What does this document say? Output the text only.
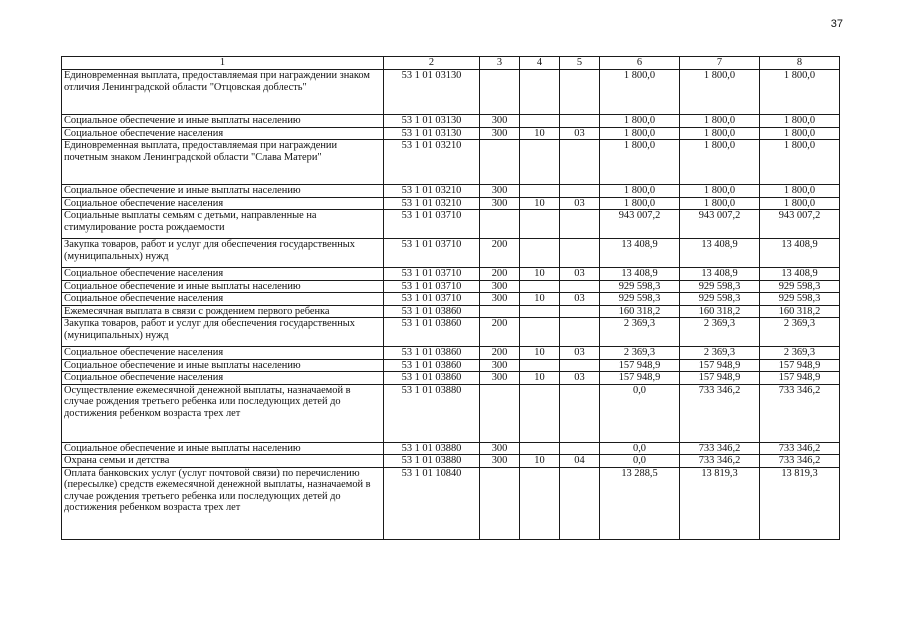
37
1	2	3	4	5	6	7	8
Единовременная выплата, предоставляемая при награждении знаком отличия Ленинградской области "Отцовская доблесть"	53 1 01 03130				1 800,0	1 800,0	1 800,0
Социальное обеспечение и иные выплаты населению	53 1 01 03130	300			1 800,0	1 800,0	1 800,0
Социальное обеспечение населения	53 1 01 03130	300	10	03	1 800,0	1 800,0	1 800,0
Единовременная выплата, предоставляемая при награждении почетным знаком Ленинградской области "Слава Матери"	53 1 01 03210				1 800,0	1 800,0	1 800,0
Социальное обеспечение и иные выплаты населению	53 1 01 03210	300			1 800,0	1 800,0	1 800,0
Социальное обеспечение населения	53 1 01 03210	300	10	03	1 800,0	1 800,0	1 800,0
Социальные выплаты семьям с детьми, направленные на стимулирование роста рождаемости	53 1 01 03710				943 007,2	943 007,2	943 007,2
Закупка товаров, работ и услуг для обеспечения государственных (муниципальных) нужд	53 1 01 03710	200			13 408,9	13 408,9	13 408,9
Социальное обеспечение населения	53 1 01 03710	200	10	03	13 408,9	13 408,9	13 408,9
Социальное обеспечение и иные выплаты населению	53 1 01 03710	300			929 598,3	929 598,3	929 598,3
Социальное обеспечение населения	53 1 01 03710	300	10	03	929 598,3	929 598,3	929 598,3
Ежемесячная выплата в связи с рождением первого ребенка	53 1 01 03860				160 318,2	160 318,2	160 318,2
Закупка товаров, работ и услуг для обеспечения государственных (муниципальных) нужд	53 1 01 03860	200			2 369,3	2 369,3	2 369,3
Социальное обеспечение населения	53 1 01 03860	200	10	03	2 369,3	2 369,3	2 369,3
Социальное обеспечение и иные выплаты населению	53 1 01 03860	300			157 948,9	157 948,9	157 948,9
Социальное обеспечение населения	53 1 01 03860	300	10	03	157 948,9	157 948,9	157 948,9
Осуществление ежемесячной денежной выплаты, назначаемой в случае рождения третьего ребенка или последующих детей до достижения ребенком возраста трех лет	53 1 01 03880				0,0	733 346,2	733 346,2
Социальное обеспечение и иные выплаты населению	53 1 01 03880	300			0,0	733 346,2	733 346,2
Охрана семьи и детства	53 1 01 03880	300	10	04	0,0	733 346,2	733 346,2
Оплата банковских услуг (услуг почтовой связи) по перечислению (пересылке) средств ежемесячной денежной выплаты, назначаемой в случае рождения третьего ребенка или последующих детей до достижения ребенком возраста трех лет	53 1 01 10840				13 288,5	13 819,3	13 819,3
